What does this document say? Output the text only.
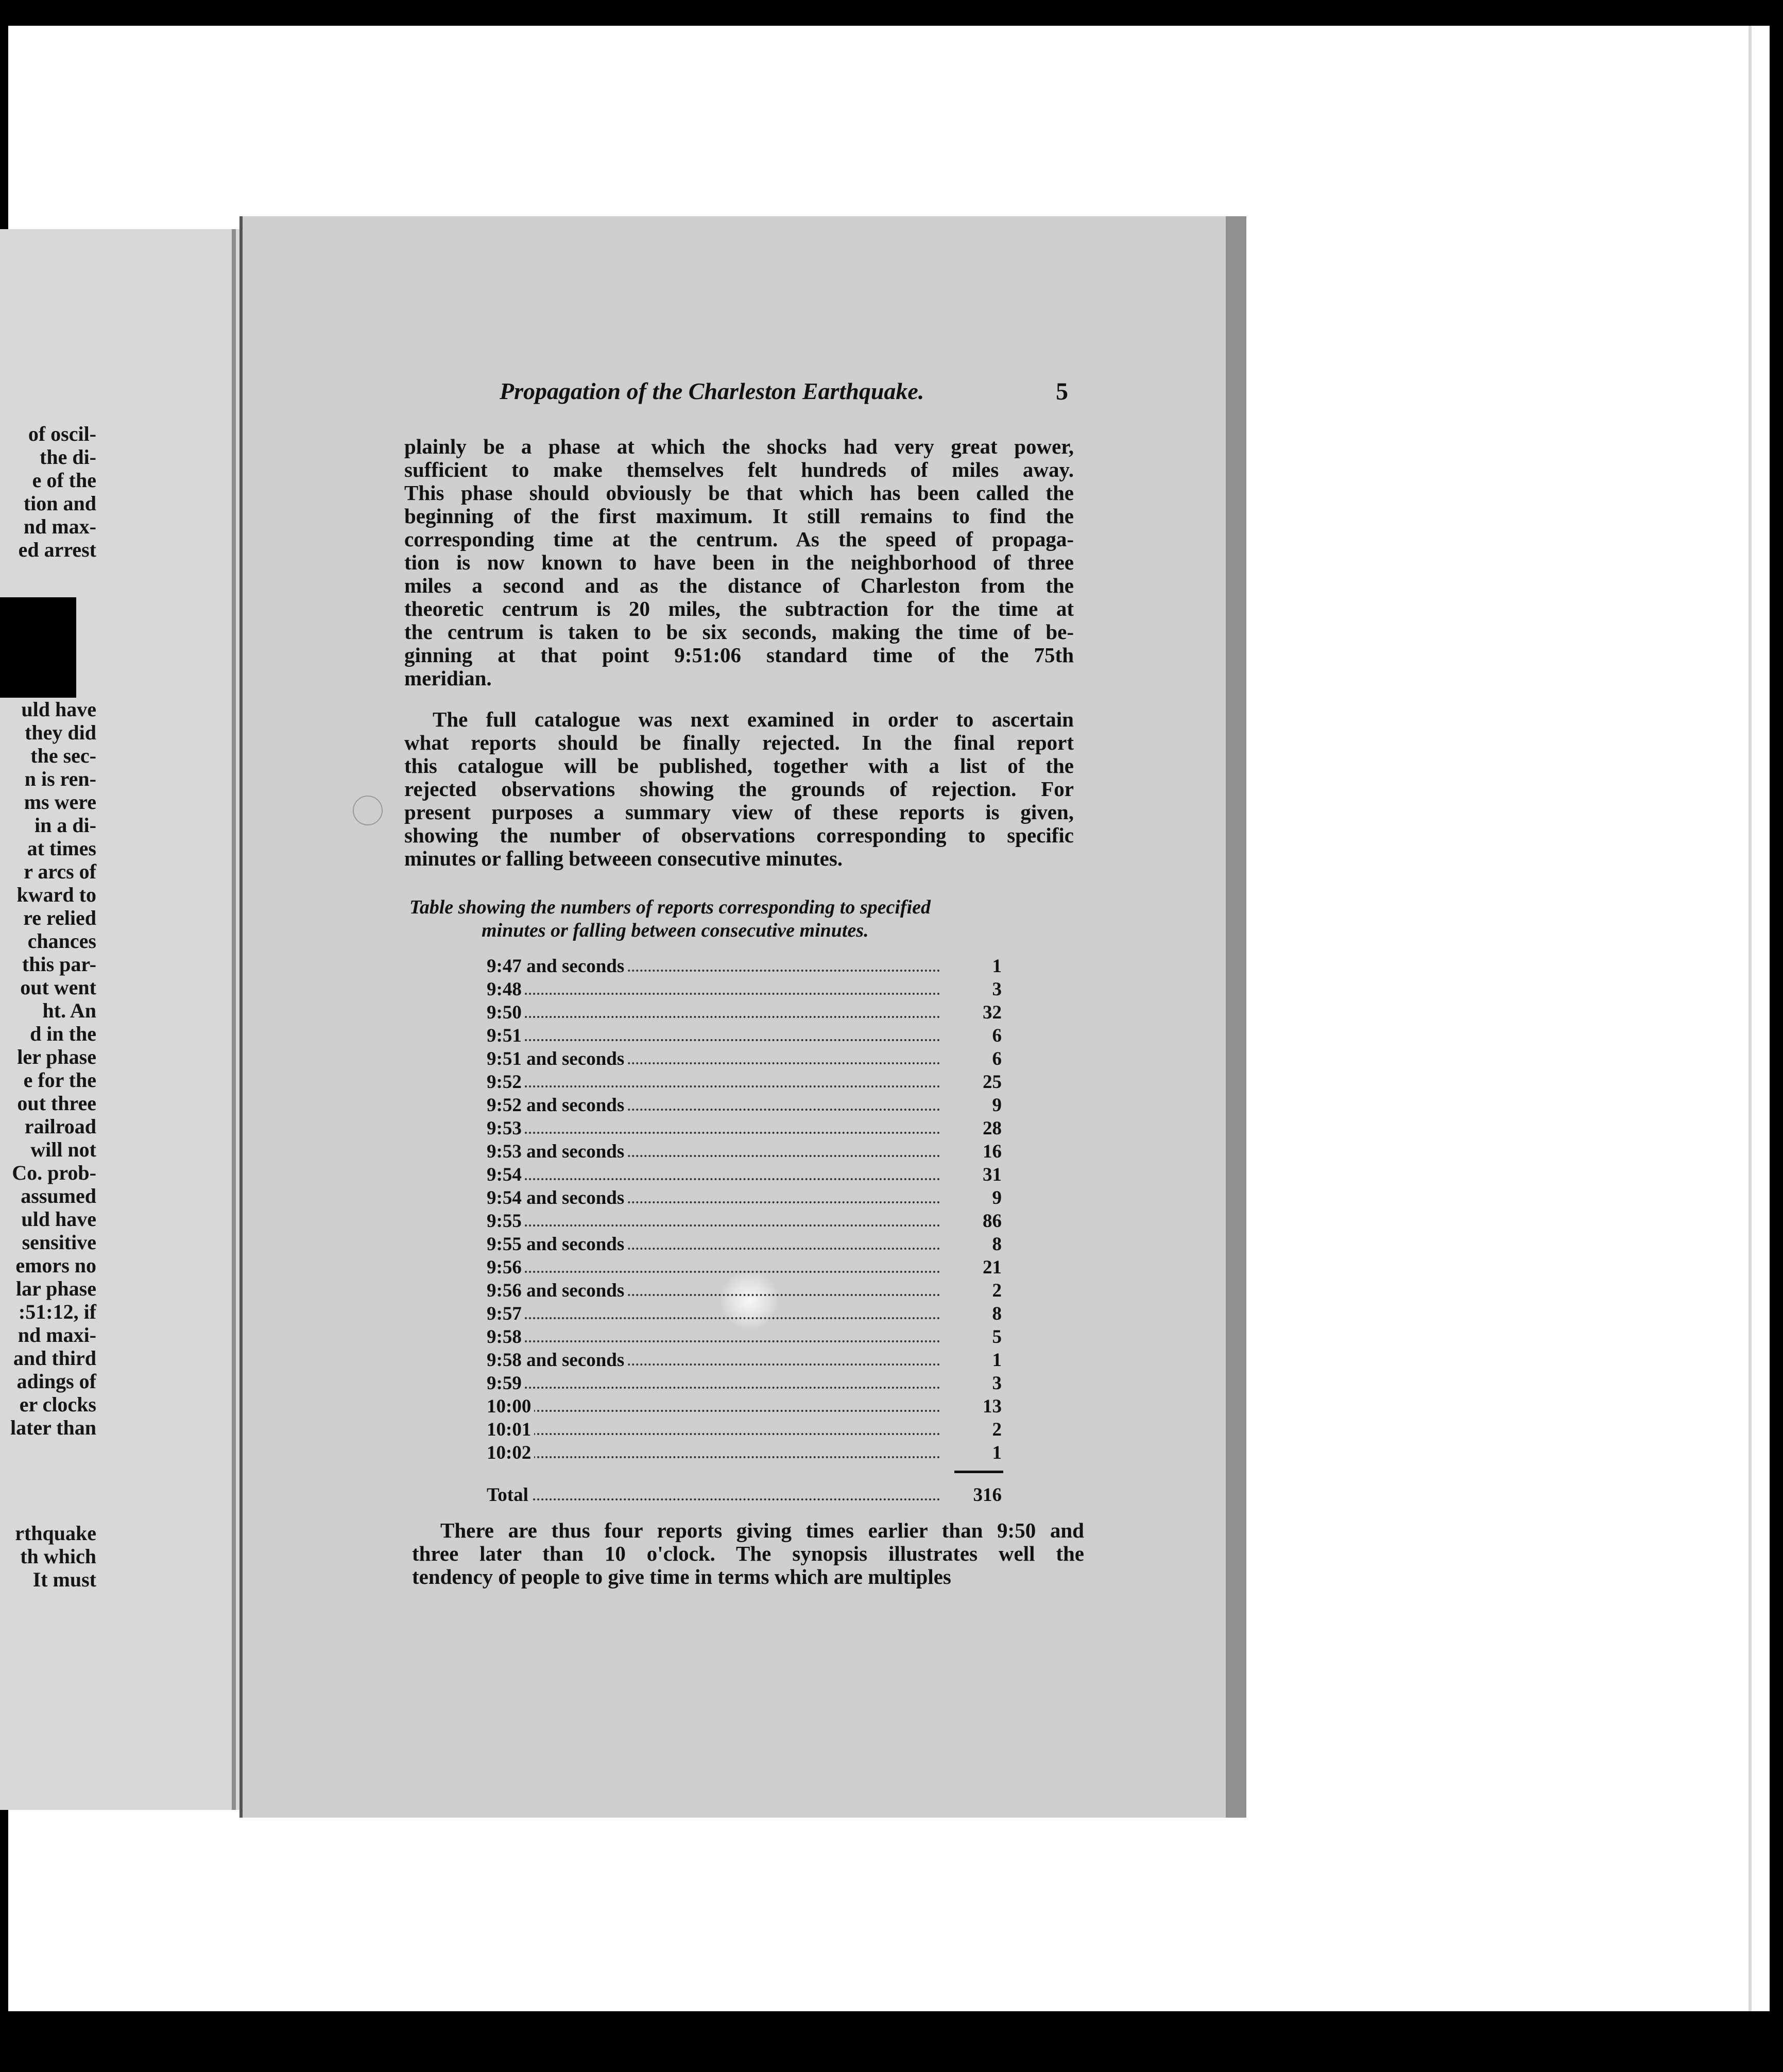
of oscil-
the di-
e of the
tion and
nd max-
ed arrest
uld have
they did
the sec-
n is ren-
ms were
in a di-
at times
r arcs of
kward to
re relied
chances
this par-
out went
ht. An
d in the
ler phase
e for the
out three
railroad
will not
Co. prob-
assumed
uld have
sensitive
emors no
lar phase
:51:12, if
nd maxi-
and third
adings of
er clocks
later than
rthquake
th which
It must
Propagation of the Charleston Earthquake.	5
plainly be a phase at which the shocks had very great power,
sufficient to make themselves felt hundreds of miles away.
This phase should obviously be that which has been called the
beginning of the first maximum. It still remains to find the
corresponding time at the centrum. As the speed of propaga-
tion is now known to have been in the neighborhood of three
miles a second and as the distance of Charleston from the
theoretic centrum is 20 miles, the subtraction for the time at
the centrum is taken to be six seconds, making the time of be-
ginning at that point 9:51:06 standard time of the 75th
meridian.
The full catalogue was next examined in order to ascertain
what reports should be finally rejected. In the final report
this catalogue will be published, together with a list of the
rejected observations showing the grounds of rejection. For
present purposes a summary view of these reports is given,
showing the number of observations corresponding to specific
minutes or falling betweeen consecutive minutes.
Table showing the numbers of reports corresponding to specified
minutes or falling between consecutive minutes.
9:47 and seconds	1
9:48	3
9:50	32
9:51	6
9:51 and seconds	6
9:52	25
9:52 and seconds	9
9:53	28
9:53 and seconds	16
9:54	31
9:54 and seconds	9
9:55	86
9:55 and seconds	8
9:56	21
9:56 and seconds	2
9:57	8
9:58	5
9:58 and seconds	1
9:59	3
10:00	13
10:01	2
10:02	1
Total	316
There are thus four reports giving times earlier than 9:50 and
three later than 10 o'clock. The synopsis illustrates well the
tendency of people to give time in terms which are multiples
